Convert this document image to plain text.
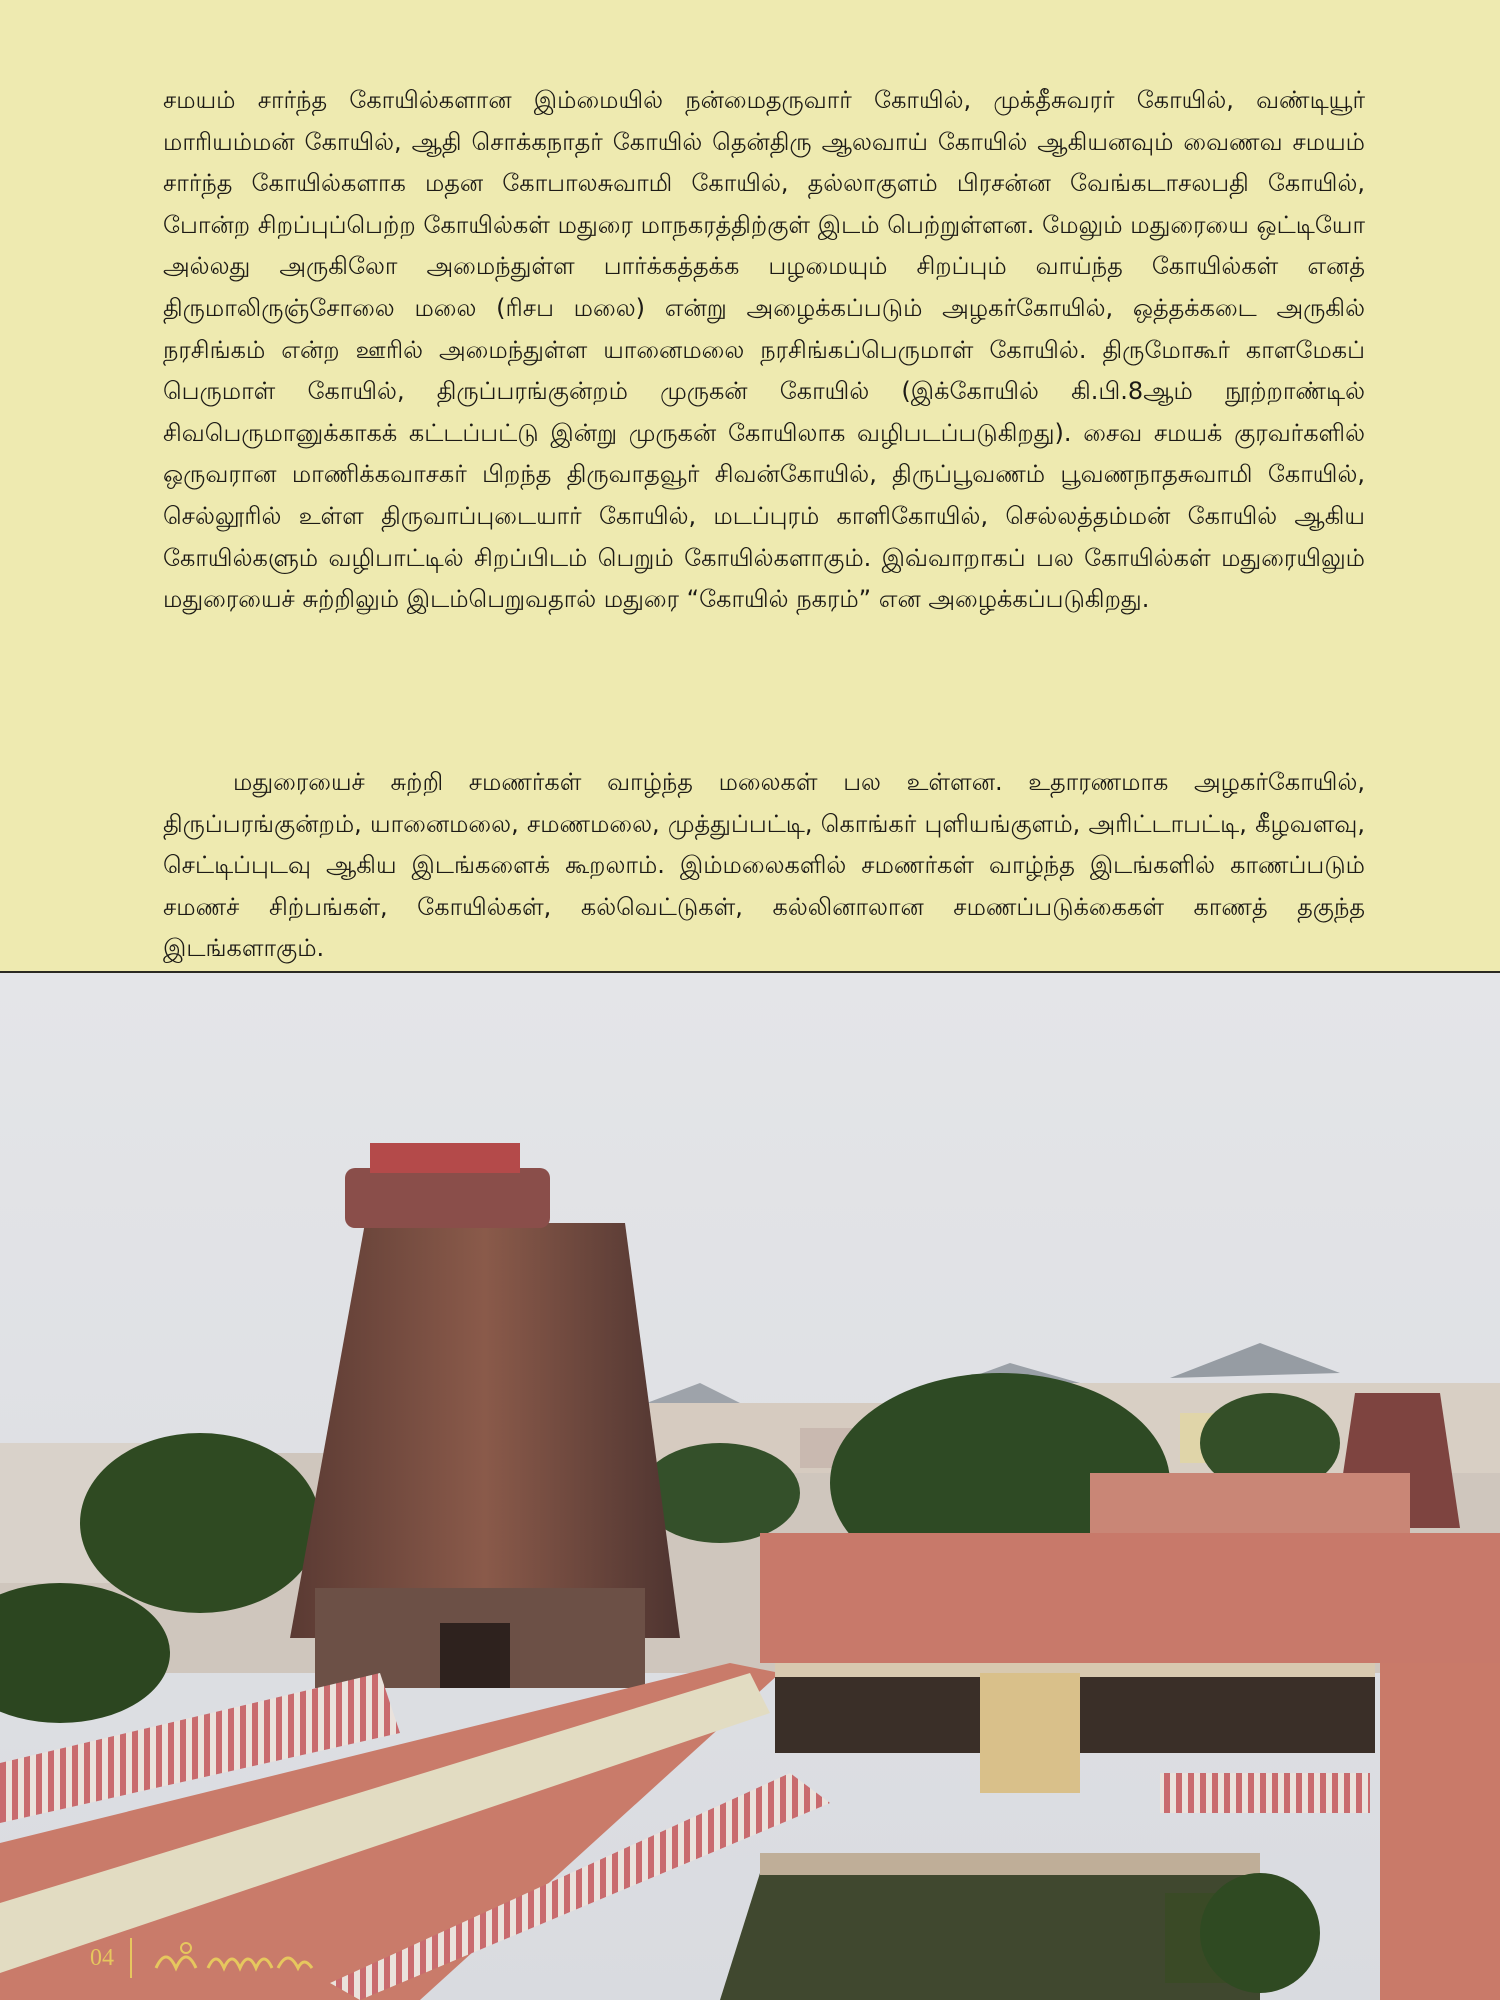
சமயம் சார்ந்த கோயில்களான இம்மையில் நன்மைதருவார் கோயில், முக்தீசுவரர் கோயில், வண்டியூர் மாரியம்மன் கோயில், ஆதி சொக்கநாதர் கோயில் தென்திரு ஆலவாய் கோயில் ஆகியனவும் வைணவ சமயம் சார்ந்த கோயில்களாக மதன கோபாலசுவாமி கோயில், தல்லாகுளம் பிரசன்ன வேங்கடாசலபதி கோயில், போன்ற சிறப்புப்பெற்ற கோயில்கள் மதுரை மாநகரத்திற்குள் இடம் பெற்றுள்ளன. மேலும் மதுரையை ஒட்டியோ அல்லது அருகிலோ அமைந்துள்ள பார்க்கத்தக்க பழமையும் சிறப்பும் வாய்ந்த கோயில்கள் எனத் திருமாலிருஞ்சோலை மலை (ரிசப மலை) என்று அழைக்கப்படும் அழகர்கோயில், ஒத்தக்கடை அருகில் நரசிங்கம் என்ற ஊரில் அமைந்துள்ள யானைமலை நரசிங்கப்பெருமாள் கோயில். திருமோகூர் காளமேகப் பெருமாள் கோயில், திருப்பரங்குன்றம் முருகன் கோயில் (இக்கோயில் கி.பி.8ஆம் நூற்றாண்டில் சிவபெருமானுக்காகக் கட்டப்பட்டு இன்று முருகன் கோயிலாக வழிபடப்படுகிறது). சைவ சமயக் குரவர்களில் ஒருவரான மாணிக்கவாசகர் பிறந்த திருவாதவூர் சிவன்கோயில், திருப்பூவணம் பூவணநாதசுவாமி கோயில், செல்லூரில் உள்ள திருவாப்புடையார் கோயில், மடப்புரம் காளிகோயில், செல்லத்தம்மன் கோயில் ஆகிய கோயில்களும் வழிபாட்டில் சிறப்பிடம் பெறும் கோயில்களாகும். இவ்வாறாகப் பல கோயில்கள் மதுரையிலும் மதுரையைச் சுற்றிலும் இடம்பெறுவதால் மதுரை “கோயில் நகரம்” என அழைக்கப்படுகிறது.

மதுரையைச் சுற்றி சமணர்கள் வாழ்ந்த மலைகள் பல உள்ளன. உதாரணமாக அழகர்கோயில், திருப்பரங்குன்றம், யானைமலை, சமணமலை, முத்துப்பட்டி, கொங்கர் புளியங்குளம், அரிட்டாபட்டி, கீழவளவு, செட்டிப்புடவு ஆகிய இடங்களைக் கூறலாம். இம்மலைகளில் சமணர்கள் வாழ்ந்த இடங்களில் காணப்படும் சமணச் சிற்பங்கள், கோயில்கள், கல்வெட்டுகள், கல்லினாலான சமணப்படுக்கைகள் காணத் தகுந்த இடங்களாகும்.

04
